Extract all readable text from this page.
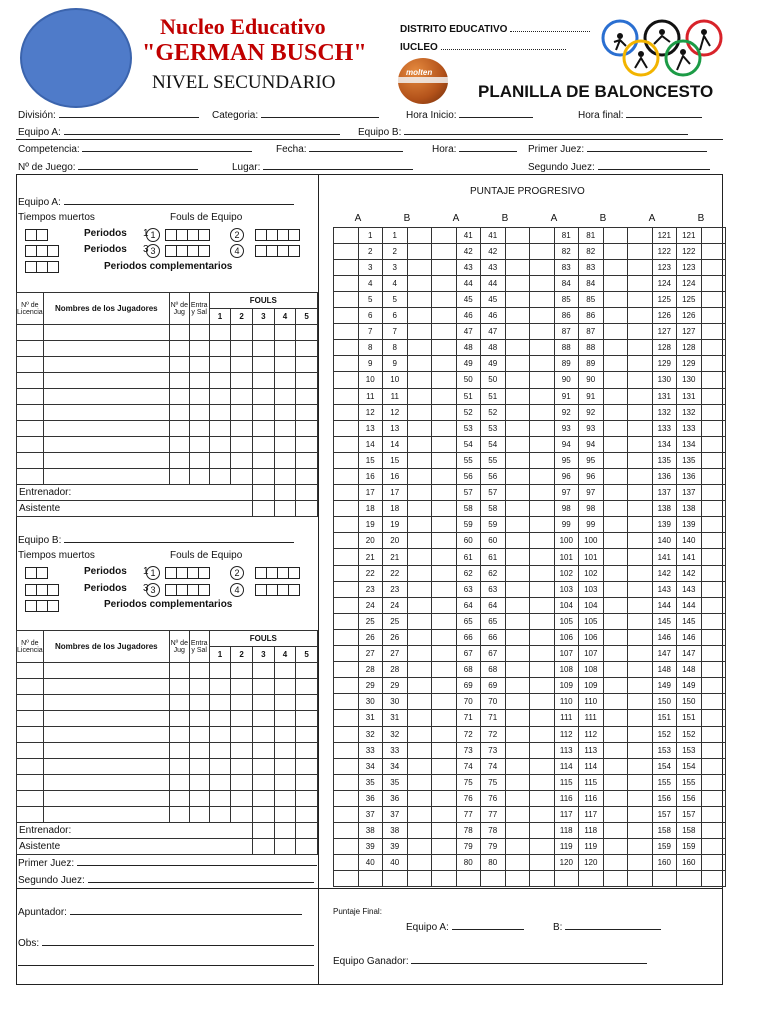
Nucleo Educativo
"GERMAN BUSCH"
NIVEL SECUNDARIO
DISTRITO EDUCATIVO
IUCLEO
molten
PLANILLA DE BALONCESTO
División:	Categoria:	Hora Inicio:	Hora final:
Equipo A:	Equipo B:
Competencia:	Fecha:	Hora:	Primer Juez:
Nº de Juego:	Lugar:	Segundo Juez:
Equipo A:
Tiempos muertos	Fouls de Equipo
Periodos
Periodos
1 1
3 3
2
4
Periodos complementarios
Nº de Licencia	Nombres de los Jugadores	Nº de Jug	Entra y Sal	FOULS				
				1	2	3	4	5

Entrenador:								
Asistente								
Equipo B:
Tiempos muertos	Fouls de Equipo
Periodos
Periodos
1 1
3 3
2
4
Periodos complementarios
Nº de Licencia	Nombres de los Jugadores	Nº de Jug	Entra y Sal	FOULS				
				1	2	3	4	5

Entrenador:								
Asistente								
Primer Juez:
Segundo Juez:
Apuntador:
Obs:
PUNTAJE PROGRESIVO
A		B		A		B		A		B		A		B	
	1	1			41	41			81	81			121	121	
	2	2			42	42			82	82			122	122	
	3	3			43	43			83	83			123	123	
	4	4			44	44			84	84			124	124	
	5	5			45	45			85	85			125	125	
	6	6			46	46			86	86			126	126	
	7	7			47	47			87	87			127	127	
	8	8			48	48			88	88			128	128	
	9	9			49	49			89	89			129	129	
	10	10			50	50			90	90			130	130	
	11	11			51	51			91	91			131	131	
	12	12			52	52			92	92			132	132	
	13	13			53	53			93	93			133	133	
	14	14			54	54			94	94			134	134	
	15	15			55	55			95	95			135	135	
	16	16			56	56			96	96			136	136	
	17	17			57	57			97	97			137	137	
	18	18			58	58			98	98			138	138	
	19	19			59	59			99	99			139	139	
	20	20			60	60			100	100			140	140	
	21	21			61	61			101	101			141	141	
	22	22			62	62			102	102			142	142	
	23	23			63	63			103	103			143	143	
	24	24			64	64			104	104			144	144	
	25	25			65	65			105	105			145	145	
	26	26			66	66			106	106			146	146	
	27	27			67	67			107	107			147	147	
	28	28			68	68			108	108			148	148	
	29	29			69	69			109	109			149	149	
	30	30			70	70			110	110			150	150	
	31	31			71	71			111	111			151	151	
	32	32			72	72			112	112			152	152	
	33	33			73	73			113	113			153	153	
	34	34			74	74			114	114			154	154	
	35	35			75	75			115	115			155	155	
	36	36			76	76			116	116			156	156	
	37	37			77	77			117	117			157	157	
	38	38			78	78			118	118			158	158	
	39	39			79	79			119	119			159	159	
	40	40			80	80			120	120			160	160	

Puntaje Final:
Equipo A:	B:
Equipo Ganador:
